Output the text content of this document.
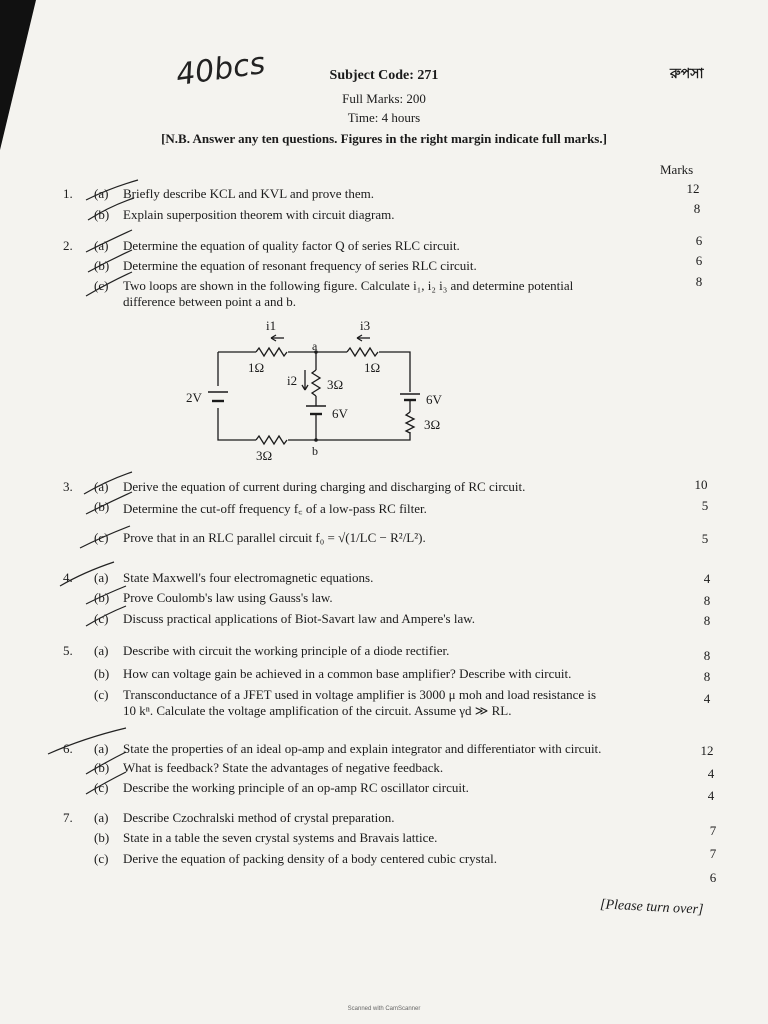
40bcs	রুপসা
Subject Code: 271
Full Marks: 200
Time: 4 hours
[N.B. Answer any ten questions. Figures in the right margin indicate full marks.]
Marks
1. (a) Briefly describe KCL and KVL and prove them.	12
(b) Explain superposition theorem with circuit diagram.	8
2. (a) Determine the equation of quality factor Q of series RLC circuit.	6
(b) Determine the equation of resonant frequency of series RLC circuit.	6
(c) Two loops are shown in the following figure. Calculate i₁, i₂ i₃ and determine potential
difference between point a and b.
8
i1	i3
i2
a
b
1Ω	1Ω
3Ω
3Ω
3Ω
2V
6V
6V
3. (a) Derive the equation of current during charging and discharging of RC circuit.	10
(b) Determine the cut-off frequency f꜀ of a low-pass RC filter.	5
(c) Prove that in an RLC parallel circuit f₀ = √(1/LC − R²/L²).	5
4. (a) State Maxwell's four electromagnetic equations.	4
(b) Prove Coulomb's law using Gauss's law.	8
(c) Discuss practical applications of Biot-Savart law and Ampere's law.	8
5. (a) Describe with circuit the working principle of a diode rectifier.	8
(b) How can voltage gain be achieved in a common base amplifier? Describe with circuit.	8
(c) Transconductance of a JFET used in voltage amplifier is 3000 μ moh and load resistance is
10 kⁿ. Calculate the voltage amplification of the circuit. Assume γd ≫ RL.
4
6. (a) State the properties of an ideal op-amp and explain integrator and differentiator with circuit.	12
(b) What is feedback? State the advantages of negative feedback.	4
(c) Describe the working principle of an op-amp RC oscillator circuit.
4
7. (a) Describe Czochralski method of crystal preparation.
7
(b) State in a table the seven crystal systems and Bravais lattice.
7
(c) Derive the equation of packing density of a body centered cubic crystal.
6
[Please turn over]
Scanned with CamScanner
